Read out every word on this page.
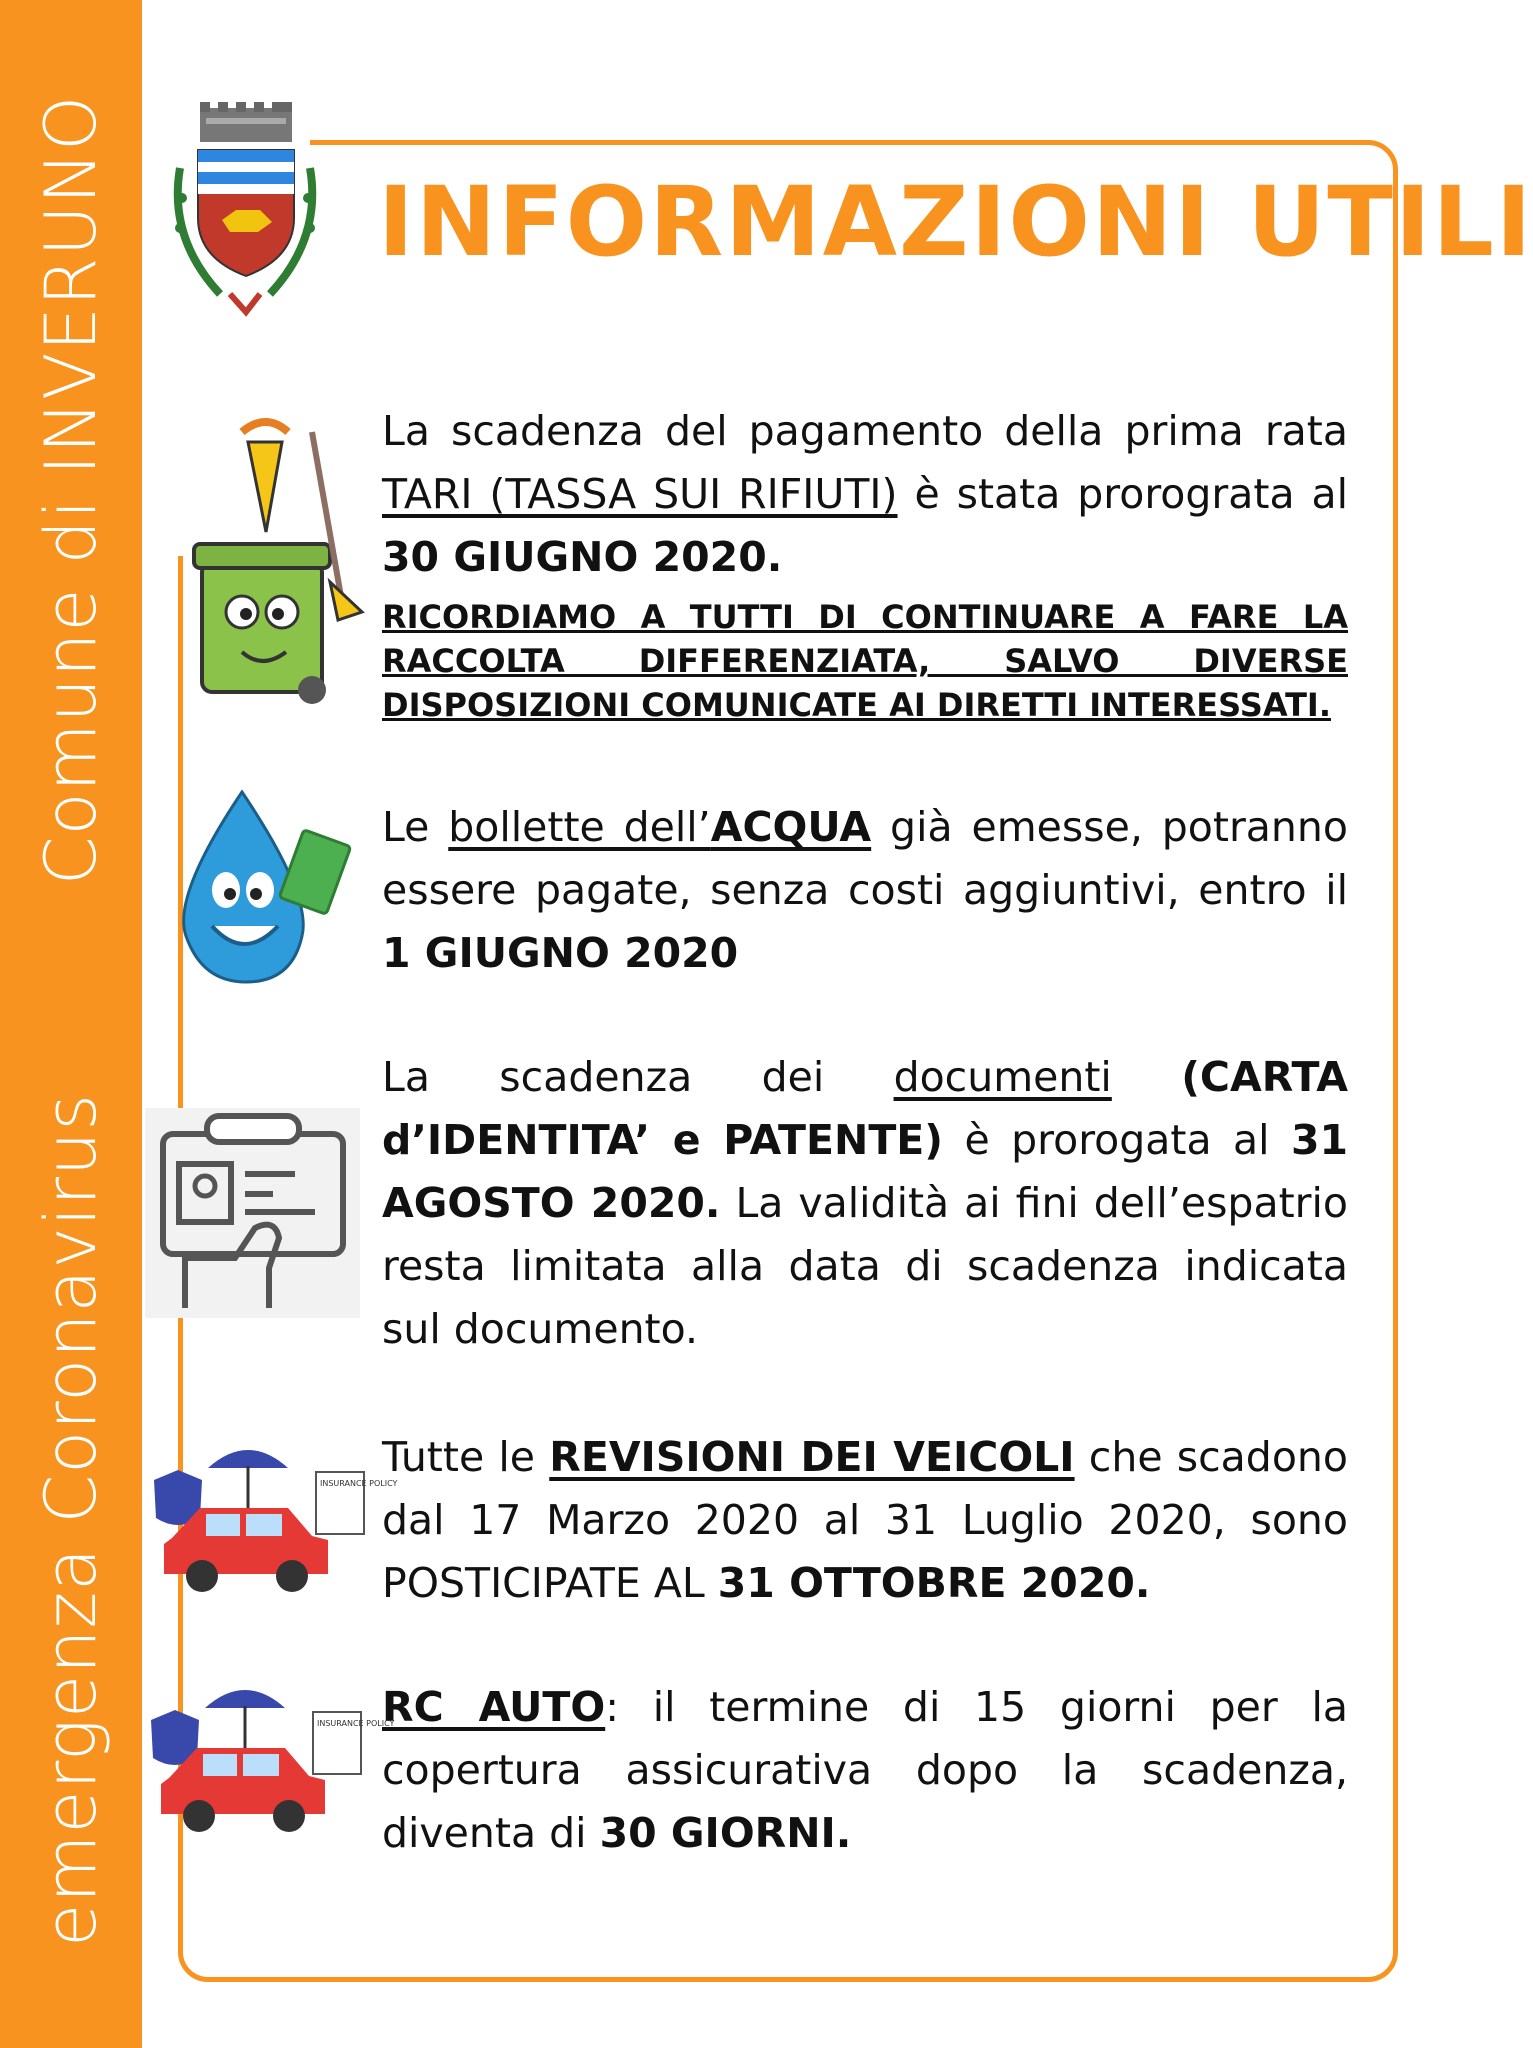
Comune di INVERUNO
emergenza Coronavirus
INFORMAZIONI UTILI
La scadenza del pagamento della prima rata TARI (TASSA SUI RIFIUTI) è stata prorograta al 30 GIUGNO 2020.
RICORDIAMO A TUTTI DI CONTINUARE A FARE LA RACCOLTA DIFFERENZIATA, SALVO DIVERSE DISPOSIZIONI COMUNICATE AI DIRETTI INTERESSATI.
Le bollette dell’ACQUA già emesse, potranno essere pagate, senza costi aggiuntivi, entro il 1 GIUGNO 2020
La scadenza dei documenti (CARTA d’IDENTITA’ e PATENTE) è prorogata al 31 AGOSTO 2020. La validità ai fini dell’espatrio resta limitata alla data di scadenza indicata sul documento.
INSURANCE POLICY
Tutte le REVISIONI DEI VEICOLI che scadono dal 17 Marzo 2020 al 31 Luglio 2020, sono POSTICIPATE AL 31 OTTOBRE 2020.
INSURANCE POLICY
RC AUTO: il termine di 15 giorni per la copertura assicurativa dopo la scadenza, diventa di 30 GIORNI.
